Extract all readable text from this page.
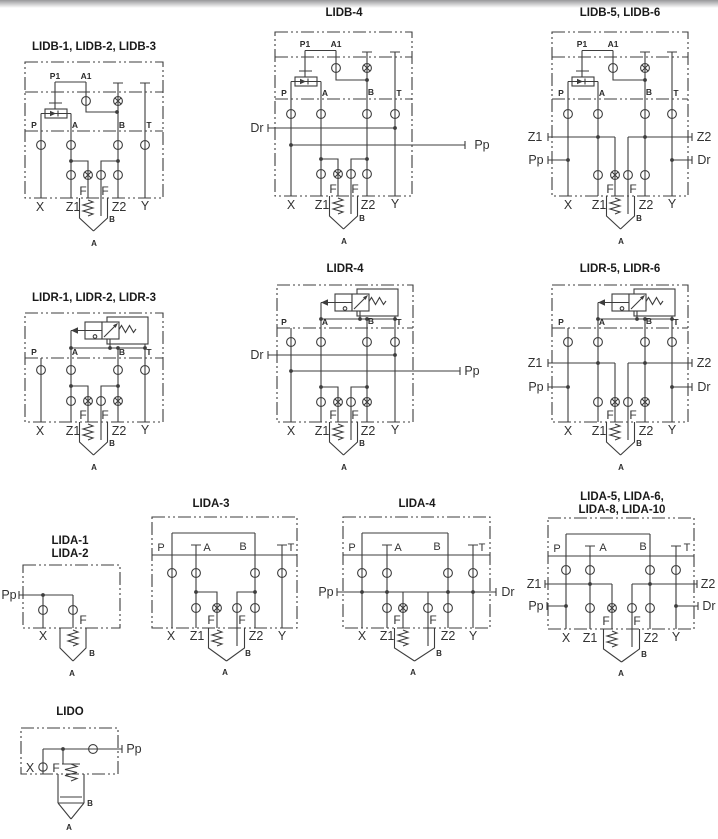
LIDB-1, LIDB-2, LIDB-3
P1 A1
P	A	B	T
F F
X Z1	Z2 Y
B
A
LIDB-4
P1 A1
P	A	B	T
Dr
Pp
F F
X Z1	Z2 Y
B
A
LIDB-5, LIDB-6
P1 A1
P	A	B	T
Z1	Z2
Pp	Dr
F F
X Z1	Z2 Y
B
A
LIDR-1, LIDR-2, LIDR-3
P	A	B	T
F F
X Z1	Z2 Y
B
A
LIDR-4
P	A	B	T
Dr
Pp
F F
X Z1	Z2 Y
B
A
LIDR-5, LIDR-6
P	A	B	T
Z1	Z2
Pp	Dr
F F
X Z1	Z2 Y
B
A
LIDA-1
LIDA-2
Pp
F
X
B
A
LIDA-3
P	A	B	T
F F
X Z1	Z2 Y
B
A
LIDA-4
P	A	B	T
Pp	Dr
F F
X Z1	Z2 Y
B
A
LIDA-5, LIDA-6,
LIDA-8, LIDA-10
P	A	B	T
Z1	Z2
Pp	Dr
F F
X Z1	Z2 Y
B
A
LIDO
Pp
X F
B
A
